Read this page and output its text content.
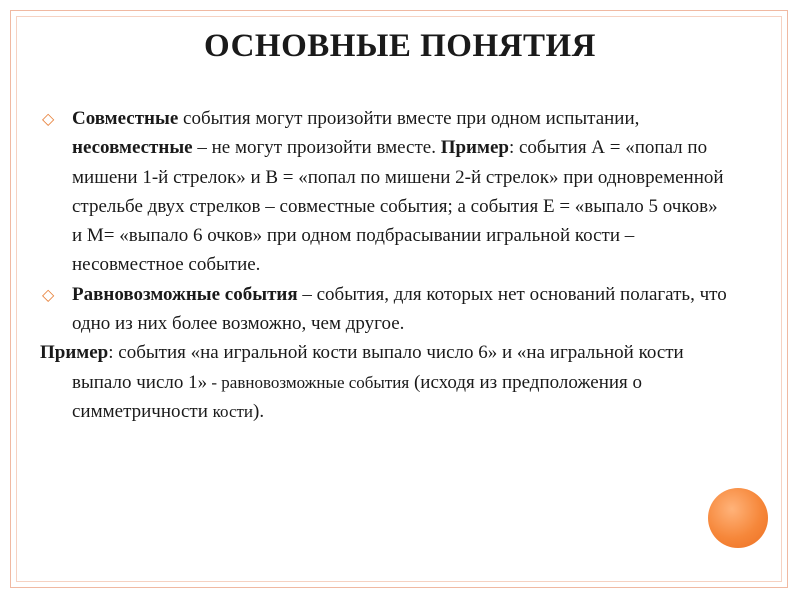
ОСНОВНЫЕ ПОНЯТИЯ
◇ Совместные события могут произойти вместе при одном испытании, несовместные – не могут произойти вместе. Пример: события А = «попал по мишени 1-й стрелок» и В = «попал по мишени 2-й стрелок» при одновременной стрельбе двух стрелков – совместные события; а события Е = «выпало 5 очков» и М= «выпало 6 очков» при одном подбрасывании игральной кости – несовместное событие.
◇ Равновозможные события – события, для которых нет оснований полагать, что одно из них более возможно, чем другое.

Пример: события «на игральной кости выпало число 6» и «на игральной кости выпало число 1» - равновозможные события (исходя из предположения о симметричности кости).
